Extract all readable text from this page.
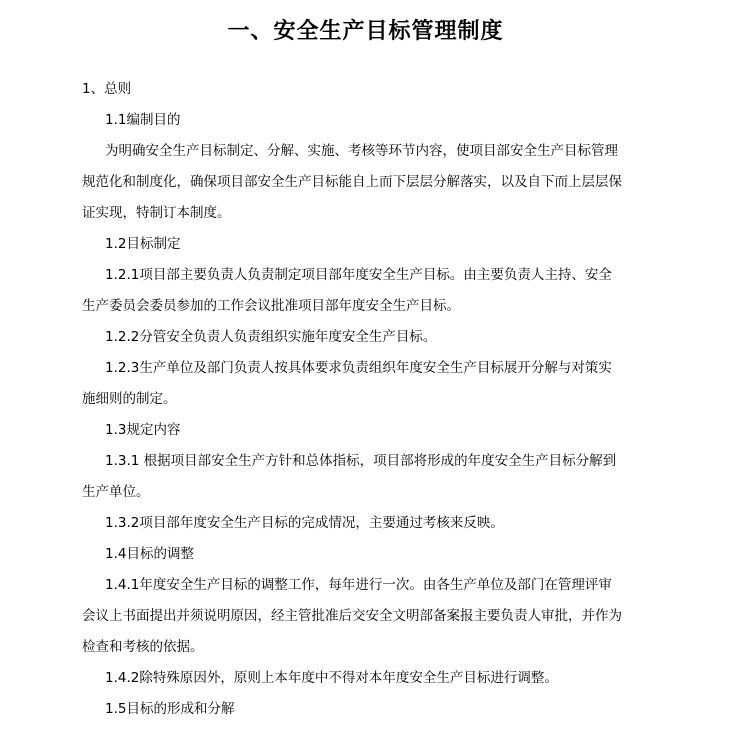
一、安全生产目标管理制度
1、总则
1.1编制目的
为明确安全生产目标制定、分解、实施、考核等环节内容，使项目部安全生产目标管理
规范化和制度化，确保项目部安全生产目标能自上而下层层分解落实，以及自下而上层层保
证实现，特制订本制度。
1.2目标制定
1.2.1项目部主要负责人负责制定项目部年度安全生产目标。由主要负责人主持、安全
生产委员会委员参加的工作会议批准项目部年度安全生产目标。
1.2.2分管安全负责人负责组织实施年度安全生产目标。
1.2.3生产单位及部门负责人按具体要求负责组织年度安全生产目标展开分解与对策实
施细则的制定。
1.3规定内容
1.3.1 根据项目部安全生产方针和总体指标，项目部将形成的年度安全生产目标分解到
生产单位。
1.3.2项目部年度安全生产目标的完成情况，主要通过考核来反映。
1.4目标的调整
1.4.1年度安全生产目标的调整工作，每年进行一次。由各生产单位及部门在管理评审
会议上书面提出并须说明原因，经主管批准后交安全文明部备案报主要负责人审批，并作为
检查和考核的依据。
1.4.2除特殊原因外，原则上本年度中不得对本年度安全生产目标进行调整。
1.5目标的形成和分解
